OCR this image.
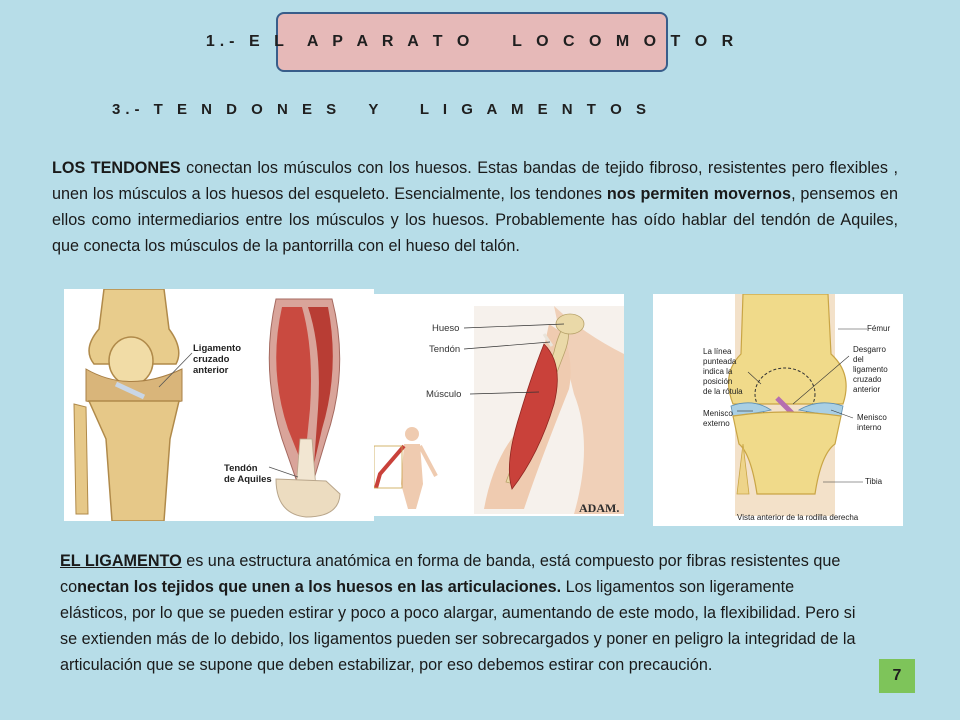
1.- E L  A P A R A T O    L O C O M O T O R
3.- T E N D O N E S   Y    L I G A M E N T O S
LOS TENDONES conectan los músculos con los huesos. Estas bandas de tejido fibroso, resistentes pero flexibles , unen los músculos a los huesos del esqueleto. Esencialmente, los tendones nos permiten movernos, pensemos en ellos como intermediarios entre los músculos y los huesos. Probablemente has oído hablar del tendón de Aquiles, que conecta los músculos de la pantorrilla con el hueso del talón.
Ligamento
cruzado
anterior
Tendón
de Aquiles
Hueso
Tendón
Músculo
ADAM.
Fémur
La línea
punteada
indica la
posición
de la rótula
Desgarro
del
ligamento
cruzado
anterior
Menisco
externo
Menisco
interno
Tibia
Vista anterior de la rodilla derecha
EL LIGAMENTO es una estructura anatómica en forma de banda, está compuesto por fibras resistentes que conectan los tejidos que unen a los huesos en las articulaciones. Los ligamentos son ligeramente elásticos, por lo que se pueden estirar y poco a poco alargar, aumentando de este modo, la flexibilidad. Pero si se extienden más de lo debido, los ligamentos pueden ser sobrecargados y poner en peligro la integridad de la articulación que se supone que deben estabilizar, por eso debemos estirar con precaución.
7
